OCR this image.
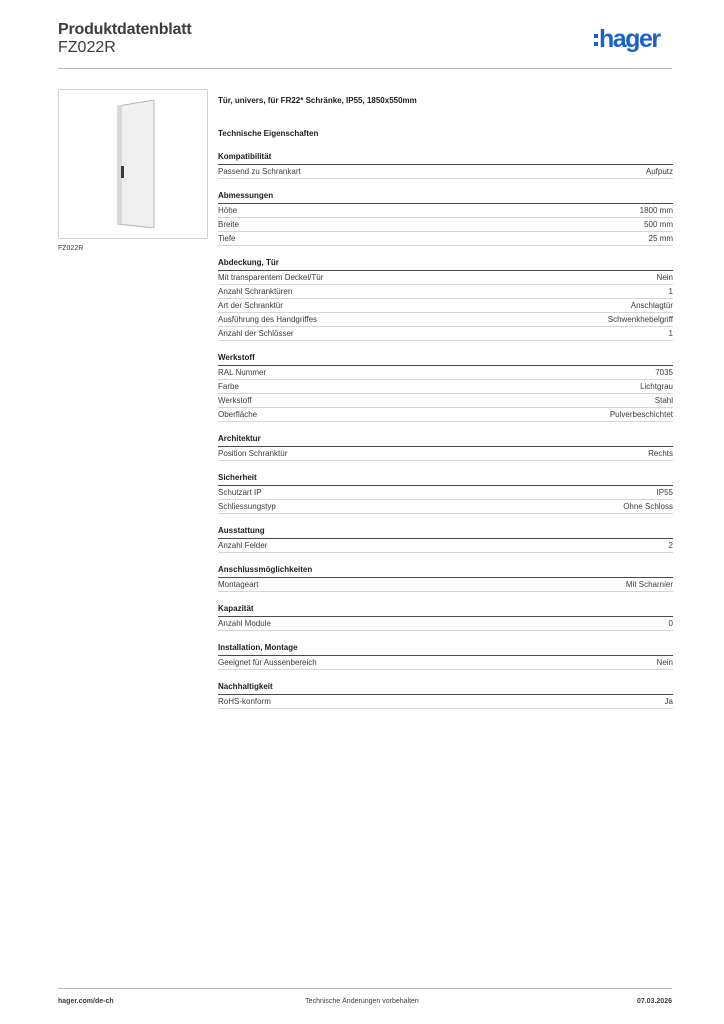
Produktdatenblatt
FZ022R	hager
FZ022R

Tür, univers, für FR22* Schränke, IP55, 1850x550mm

Technische Eigenschaften
Kompatibilität
Passend zu Schrankart	Aufputz
Abmessungen
Höhe	1800 mm
Breite	500 mm
Tiefe	25 mm
Abdeckung, Tür
Mit transparentem Deckel/Tür	Nein
Anzahl Schranktüren	1
Art der Schranktür	Anschlagtür
Ausführung des Handgriffes	Schwenkhebelgriff
Anzahl der Schlösser	1
Werkstoff
RAL Nummer	7035
Farbe	Lichtgrau
Werkstoff	Stahl
Oberfläche	Pulverbeschichtet
Architektur
Position Schranktür	Rechts
Sicherheit
Schutzart IP	IP55
Schliessungstyp	Ohne Schloss
Ausstattung
Anzahl Felder	2
Anschlussmöglichkeiten
Montageart	Mit Scharnier
Kapazität
Anzahl Module	0
Installation, Montage
Geeignet für Aussenbereich	Nein
Nachhaltigkeit
RoHS-konform	Ja
hager.com/de-ch	Technische Änderungen vorbehalten	07.03.2026
